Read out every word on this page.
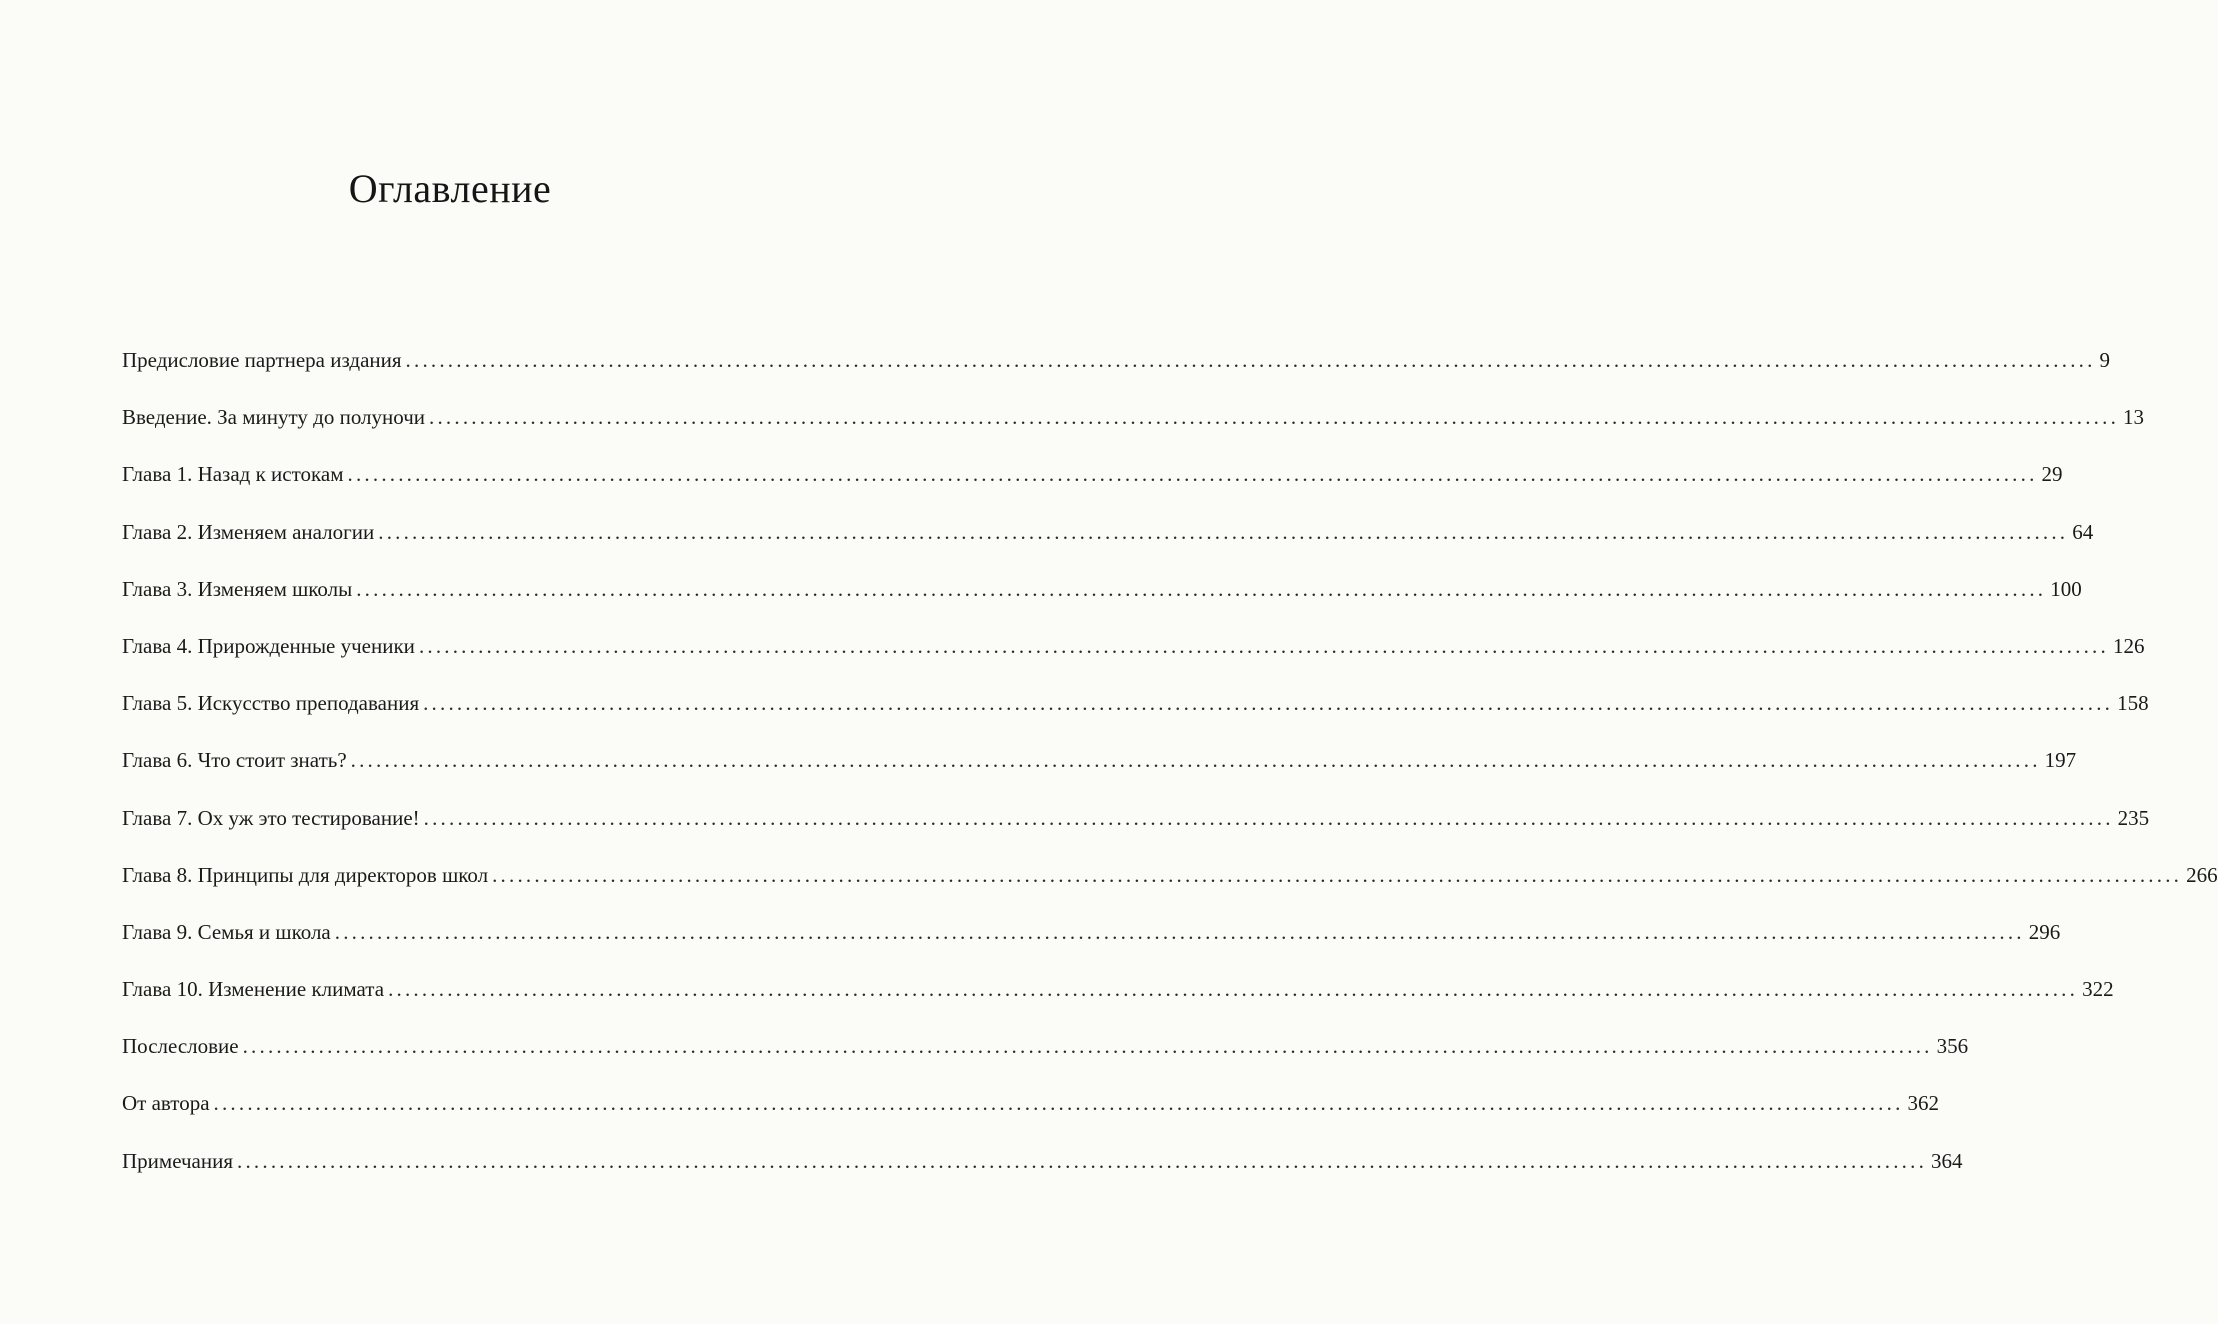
Оглавление
Предисловие партнера издания ........................................................................................................................................................................................................ 9
Введение. За минуту до полуночи ........................................................................................................................................................................................................ 13
Глава 1. Назад к истокам ........................................................................................................................................................................................................ 29
Глава 2. Изменяем аналогии ........................................................................................................................................................................................................ 64
Глава 3. Изменяем школы ........................................................................................................................................................................................................ 100
Глава 4. Прирожденные ученики ........................................................................................................................................................................................................ 126
Глава 5. Искусство преподавания ........................................................................................................................................................................................................ 158
Глава 6. Что стоит знать? ........................................................................................................................................................................................................ 197
Глава 7. Ох уж это тестирование! ........................................................................................................................................................................................................ 235
Глава 8. Принципы для директоров школ ........................................................................................................................................................................................................ 266
Глава 9. Семья и школа ........................................................................................................................................................................................................ 296
Глава 10. Изменение климата ........................................................................................................................................................................................................ 322
Послесловие ........................................................................................................................................................................................................ 356
От автора ........................................................................................................................................................................................................ 362
Примечания ........................................................................................................................................................................................................ 364
